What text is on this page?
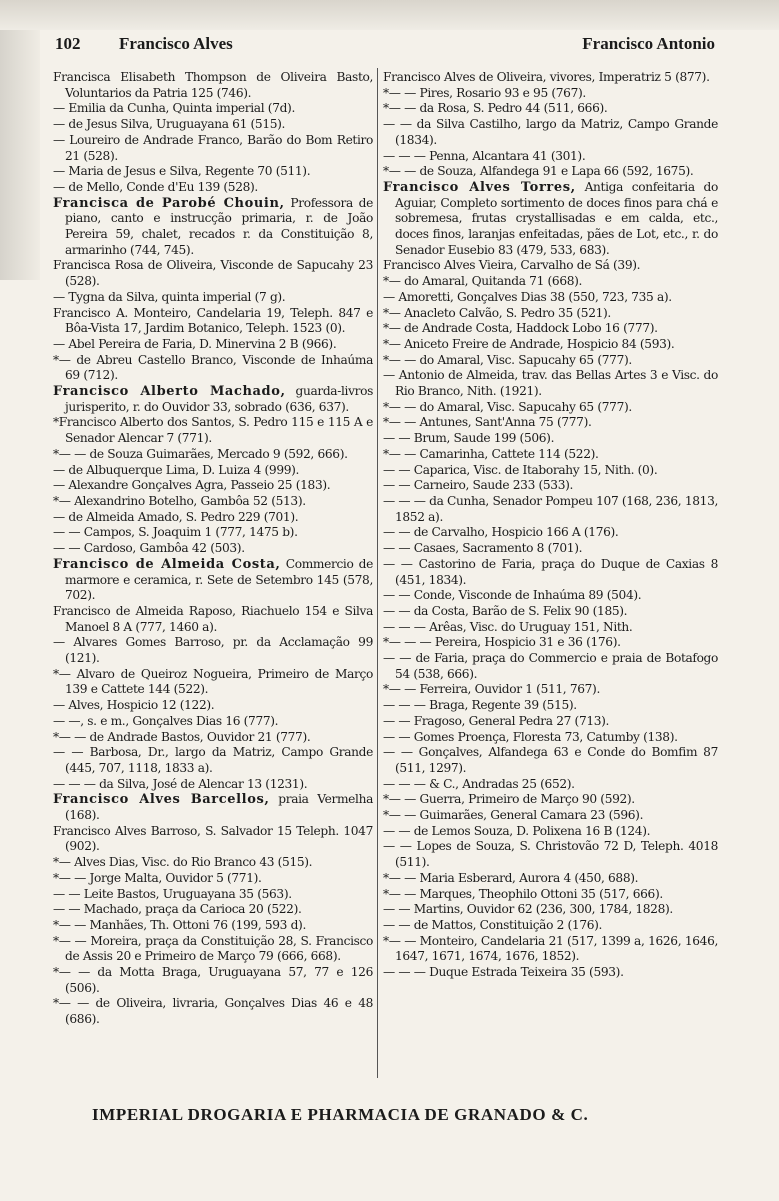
102 Francisco Alves	Francisco Antonio
Francisca Elisabeth Thompson de Oliveira Basto, Voluntarios da Patria 125 (746).
— Emilia da Cunha, Quinta imperial (7d).
— de Jesus Silva, Uruguayana 61 (515).
— Loureiro de Andrade Franco, Barão do Bom Retiro 21 (528).
— Maria de Jesus e Silva, Regente 70 (511).
— de Mello, Conde d'Eu 139 (528).
Francisca de Parobé Chouin, Professora de piano, canto e instrucção primaria, r. de João Pereira 59, chalet, recados r. da Constituição 8, armarinho (744, 745).
Francisca Rosa de Oliveira, Visconde de Sapucahy 23 (528).
— Tygna da Silva, quinta imperial (7 g).
Francisco A. Monteiro, Candelaria 19, Teleph. 847 e Bôa-Vista 17, Jardim Botanico, Teleph. 1523 (0).
— Abel Pereira de Faria, D. Minervina 2 B (966).
*— de Abreu Castello Branco, Visconde de Inhaúma 69 (712).
Francisco Alberto Machado, guarda-livros jurisperito, r. do Ouvidor 33, sobrado (636, 637).
*Francisco Alberto dos Santos, S. Pedro 115 e 115 A e Senador Alencar 7 (771).
*— — de Souza Guimarães, Mercado 9 (592, 666).
— de Albuquerque Lima, D. Luiza 4 (999).
— Alexandre Gonçalves Agra, Passeio 25 (183).
*— Alexandrino Botelho, Gambôa 52 (513).
— de Almeida Amado, S. Pedro 229 (701).
— — Campos, S. Joaquim 1 (777, 1475 b).
— — Cardoso, Gambôa 42 (503).
Francisco de Almeida Costa, Commercio de marmore e ceramica, r. Sete de Setembro 145 (578, 702).
Francisco de Almeida Raposo, Riachuelo 154 e Silva Manoel 8 A (777, 1460 a).
— Alvares Gomes Barroso, pr. da Acclamação 99 (121).
*— Alvaro de Queiroz Nogueira, Primeiro de Março 139 e Cattete 144 (522).
— Alves, Hospicio 12 (122).
— —, s. e m., Gonçalves Dias 16 (777).
*— — de Andrade Bastos, Ouvidor 21 (777).
— — Barbosa, Dr., largo da Matriz, Campo Grande (445, 707, 1118, 1833 a).
— — — da Silva, José de Alencar 13 (1231).
Francisco Alves Barcellos, praia Vermelha (168).
Francisco Alves Barroso, S. Salvador 15 Teleph. 1047 (902).
*— Alves Dias, Visc. do Rio Branco 43 (515).
*— — Jorge Malta, Ouvidor 5 (771).
— — Leite Bastos, Uruguayana 35 (563).
— — Machado, praça da Carioca 20 (522).
*— — Manhães, Th. Ottoni 76 (199, 593 d).
*— — Moreira, praça da Constituição 28, S. Francisco de Assis 20 e Primeiro de Março 79 (666, 668).
*— — da Motta Braga, Uruguayana 57, 77 e 126 (506).
*— — de Oliveira, livraria, Gonçalves Dias 46 e 48 (686).
Francisco Alves de Oliveira, vivores, Imperatriz 5 (877).
*— — Pires, Rosario 93 e 95 (767).
*— — da Rosa, S. Pedro 44 (511, 666).
— — da Silva Castilho, largo da Matriz, Campo Grande (1834).
— — — Penna, Alcantara 41 (301).
*— — de Souza, Alfandega 91 e Lapa 66 (592, 1675).
Francisco Alves Torres, Antiga confeitaria do Aguiar, Completo sortimento de doces finos para chá e sobremesa, frutas crystallisadas e em calda, etc., doces finos, laranjas enfeitadas, pães de Lot, etc., r. do Senador Eusebio 83 (479, 533, 683).
Francisco Alves Vieira, Carvalho de Sá (39).
*— do Amaral, Quitanda 71 (668).
— Amoretti, Gonçalves Dias 38 (550, 723, 735 a).
*— Anacleto Calvão, S. Pedro 35 (521).
*— de Andrade Costa, Haddock Lobo 16 (777).
*— Aniceto Freire de Andrade, Hospicio 84 (593).
*— — do Amaral, Visc. Sapucahy 65 (777).
— Antonio de Almeida, trav. das Bellas Artes 3 e Visc. do Rio Branco, Nith. (1921).
*— — do Amaral, Visc. Sapucahy 65 (777).
*— — Antunes, Sant'Anna 75 (777).
— — Brum, Saude 199 (506).
*— — Camarinha, Cattete 114 (522).
— — Caparica, Visc. de Itaborahy 15, Nith. (0).
— — Carneiro, Saude 233 (533).
— — — da Cunha, Senador Pompeu 107 (168, 236, 1813, 1852 a).
— — de Carvalho, Hospicio 166 A (176).
— — Casaes, Sacramento 8 (701).
— — Castorino de Faria, praça do Duque de Caxias 8 (451, 1834).
— — Conde, Visconde de Inhaúma 89 (504).
— — da Costa, Barão de S. Felix 90 (185).
— — — Arêas, Visc. do Uruguay 151, Nith.
*— — — Pereira, Hospicio 31 e 36 (176).
— — de Faria, praça do Commercio e praia de Botafogo 54 (538, 666).
*— — Ferreira, Ouvidor 1 (511, 767).
— — — Braga, Regente 39 (515).
— — Fragoso, General Pedra 27 (713).
— — Gomes Proença, Floresta 73, Catumby (138).
— — Gonçalves, Alfandega 63 e Conde do Bomfim 87 (511, 1297).
— — — & C., Andradas 25 (652).
*— — Guerra, Primeiro de Março 90 (592).
*— — Guimarães, General Camara 23 (596).
— — de Lemos Souza, D. Polixena 16 B (124).
— — Lopes de Souza, S. Christovão 72 D, Teleph. 4018 (511).
*— — Maria Esberard, Aurora 4 (450, 688).
*— — Marques, Theophilo Ottoni 35 (517, 666).
— — Martins, Ouvidor 62 (236, 300, 1784, 1828).
— — de Mattos, Constituição 2 (176).
*— — Monteiro, Candelaria 21 (517, 1399 a, 1626, 1646, 1647, 1671, 1674, 1676, 1852).
— — — Duque Estrada Teixeira 35 (593).
IMPERIAL DROGARIA E PHARMACIA DE GRANADO & C.
